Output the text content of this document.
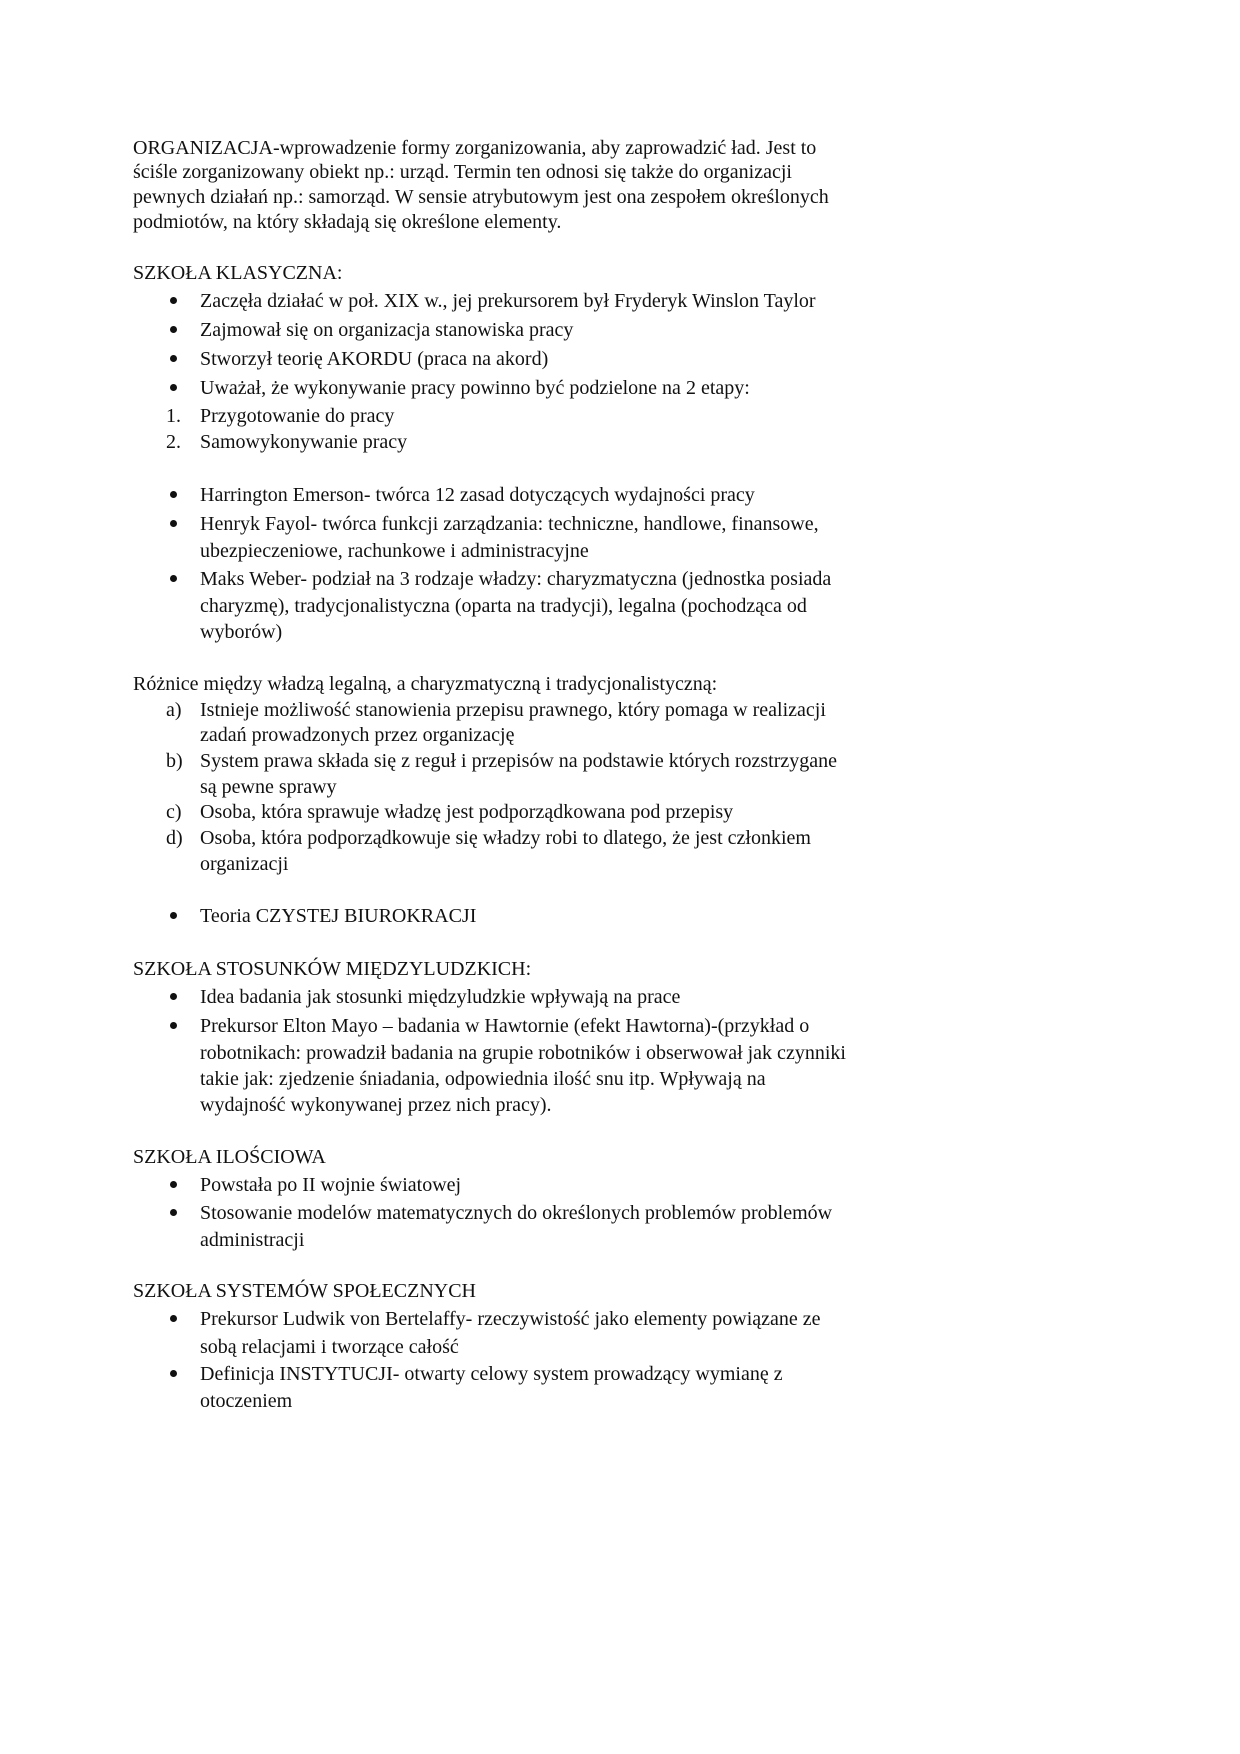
ORGANIZACJA-wprowadzenie formy zorganizowania, aby zaprowadzić ład. Jest to
ściśle zorganizowany obiekt np.: urząd. Termin ten odnosi się także do organizacji
pewnych działań np.: samorząd. W sensie atrybutowym jest ona zespołem określonych
podmiotów, na który składają się określone elementy.
SZKOŁA KLASYCZNA:
Zaczęła działać w poł. XIX w., jej prekursorem był Fryderyk Winslon Taylor
Zajmował się on organizacja stanowiska pracy
Stworzył teorię AKORDU (praca na akord)
Uważał, że wykonywanie pracy powinno być podzielone na 2 etapy:
1. Przygotowanie do pracy
2. Samowykonywanie pracy
Harrington Emerson- twórca 12 zasad dotyczących wydajności pracy
Henryk Fayol- twórca funkcji zarządzania: techniczne, handlowe, finansowe,
ubezpieczeniowe, rachunkowe i administracyjne
Maks Weber- podział na 3 rodzaje władzy: charyzmatyczna (jednostka posiada
charyzmę), tradycjonalistyczna (oparta na tradycji), legalna (pochodząca od
wyborów)
Różnice między władzą legalną, a charyzmatyczną i tradycjonalistyczną:
a) Istnieje możliwość stanowienia przepisu prawnego, który pomaga w realizacji
zadań prowadzonych przez organizację
b) System prawa składa się z reguł i przepisów na podstawie których rozstrzygane
są pewne sprawy
c) Osoba, która sprawuje władzę jest podporządkowana pod przepisy
d) Osoba, która podporządkowuje się władzy robi to dlatego, że jest członkiem
organizacji
Teoria CZYSTEJ BIUROKRACJI
SZKOŁA STOSUNKÓW MIĘDZYLUDZKICH:
Idea badania jak stosunki międzyludzkie wpływają na prace
Prekursor Elton Mayo – badania w Hawtornie (efekt Hawtorna)-(przykład o
robotnikach: prowadził badania na grupie robotników i obserwował jak czynniki
takie jak: zjedzenie śniadania, odpowiednia ilość snu itp. Wpływają na
wydajność wykonywanej przez nich pracy).
SZKOŁA ILOŚCIOWA
Powstała po II wojnie światowej
Stosowanie modelów matematycznych do określonych problemów problemów
administracji
SZKOŁA SYSTEMÓW SPOŁECZNYCH
Prekursor Ludwik von Bertelaffy- rzeczywistość jako elementy powiązane ze
sobą relacjami i tworzące całość
Definicja INSTYTUCJI- otwarty celowy system prowadzący wymianę z
otoczeniem
